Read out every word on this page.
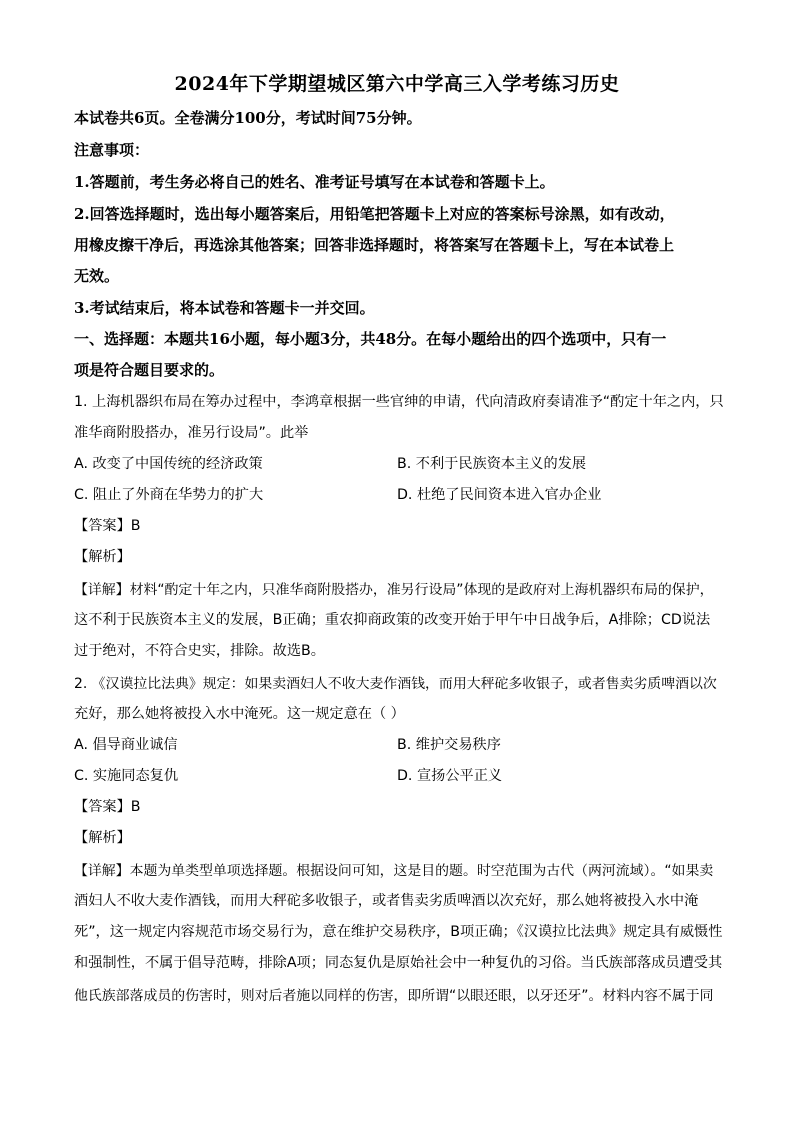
2024年下学期望城区第六中学高三入学考练习历史
本试卷共6页。全卷满分100分，考试时间75分钟。
注意事项：
1.答题前，考生务必将自己的姓名、准考证号填写在本试卷和答题卡上。
2.回答选择题时，选出每小题答案后，用铅笔把答题卡上对应的答案标号涂黑，如有改动，
用橡皮擦干净后，再选涂其他答案；回答非选择题时，将答案写在答题卡上，写在本试卷上
无效。
3.考试结束后，将本试卷和答题卡一并交回。
一、选择题：本题共16小题，每小题3分，共48分。在每小题给出的四个选项中，只有一
项是符合题目要求的。
1. 上海机器织布局在筹办过程中，李鸿章根据一些官绅的申请，代向清政府奏请准予“酌定十年之内，只
准华商附股搭办，准另行设局”。此举
A. 改变了中国传统的经济政策	B. 不利于民族资本主义的发展
C. 阻止了外商在华势力的扩大	D. 杜绝了民间资本进入官办企业
【答案】B
【解析】
【详解】材料“酌定十年之内，只准华商附股搭办，准另行设局”体现的是政府对上海机器织布局的保护，
这不利于民族资本主义的发展，B正确；重农抑商政策的改变开始于甲午中日战争后，A排除；CD说法
过于绝对，不符合史实，排除。故选B。
2. 《汉谟拉比法典》规定：如果卖酒妇人不收大麦作酒钱，而用大秤砣多收银子，或者售卖劣质啤酒以次
充好，那么她将被投入水中淹死。这一规定意在（ ）
A. 倡导商业诚信	B. 维护交易秩序
C. 实施同态复仇	D. 宣扬公平正义
【答案】B
【解析】
【详解】本题为单类型单项选择题。根据设问可知，这是目的题。时空范围为古代（两河流域）。“如果卖
酒妇人不收大麦作酒钱，而用大秤砣多收银子，或者售卖劣质啤酒以次充好，那么她将被投入水中淹
死”，这一规定内容规范市场交易行为，意在维护交易秩序，B项正确；《汉谟拉比法典》规定具有威慑性
和强制性，不属于倡导范畴，排除A项；同态复仇是原始社会中一种复仇的习俗。当氏族部落成员遭受其
他氏族部落成员的伤害时，则对后者施以同样的伤害，即所谓“以眼还眼，以牙还牙”。材料内容不属于同
